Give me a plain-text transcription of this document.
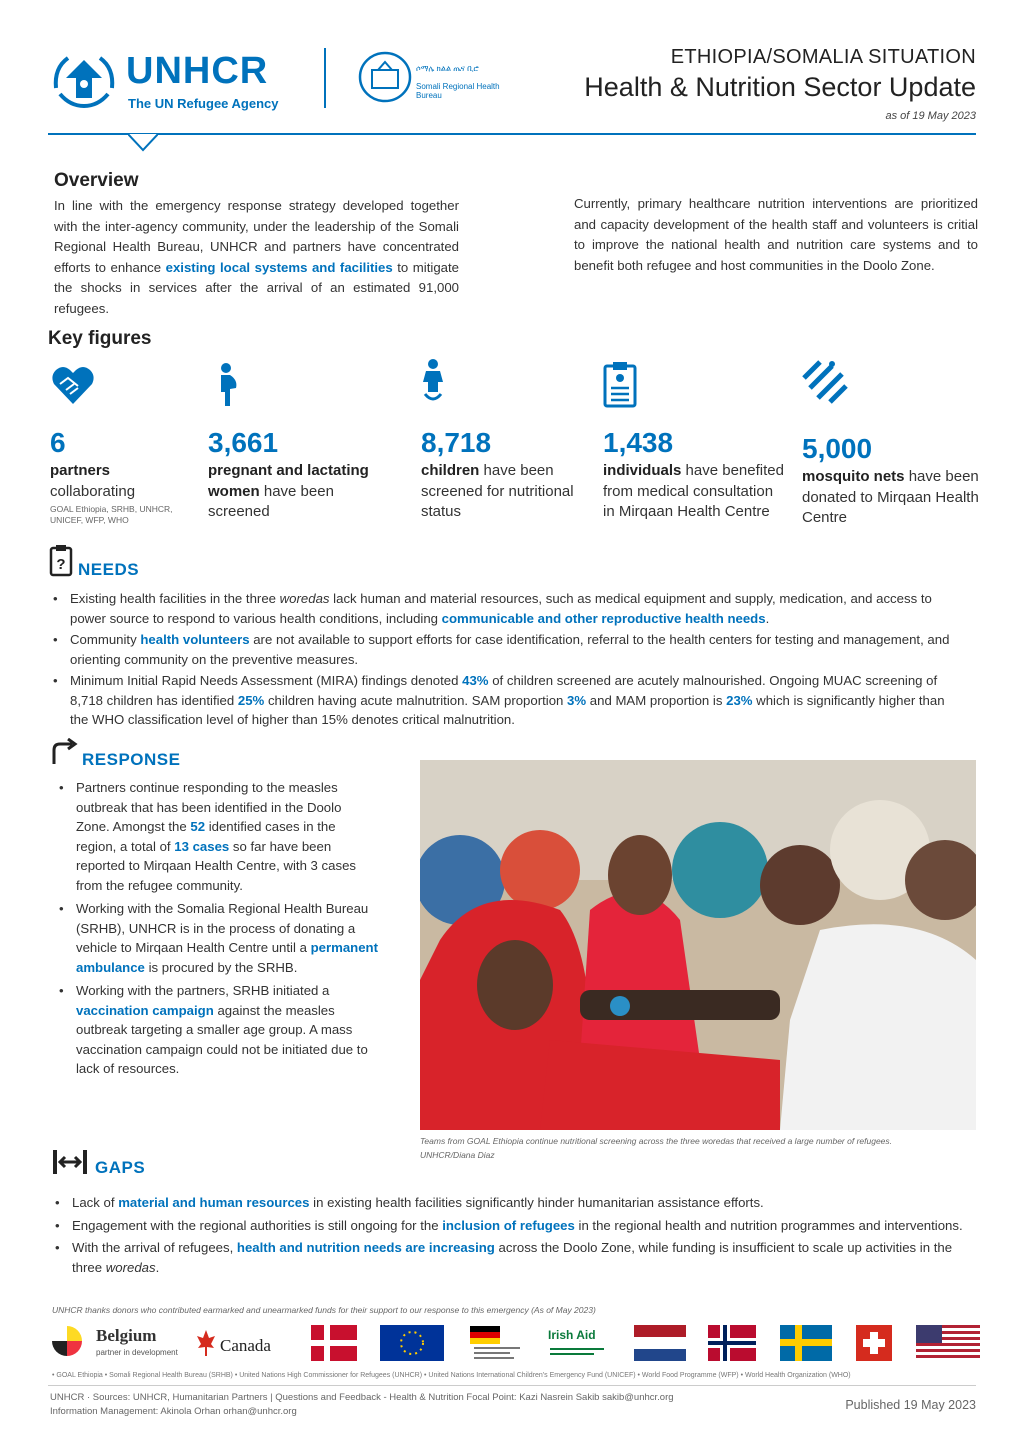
UNHCR
The UN Refugee Agency
ሶማሌ ክልል ጤና ቢሮ
Somali Regional Health Bureau
ETHIOPIA/SOMALIA SITUATION
Health & Nutrition Sector Update
as of 19 May 2023
Overview
In line with the emergency response strategy developed together with the inter-agency community, under the leadership of the Somali Regional Health Bureau, UNHCR and partners have concentrated efforts to enhance existing local systems and facilities to mitigate the shocks in services after the arrival of an estimated 91,000 refugees.
Currently, primary healthcare nutrition interventions are prioritized and capacity development of the health staff and volunteers is critial to improve the national health and nutrition care systems and to benefit both refugee and host communities in the Doolo Zone.
Key figures
6
partners
collaborating
GOAL Ethiopia, SRHB, UNHCR, UNICEF, WFP, WHO
3,661
pregnant and lactating women have been screened
8,718
children have been screened for nutritional status
1,438
individuals have benefited from medical consultation in Mirqaan Health Centre
5,000
mosquito nets have been donated to Mirqaan Health Centre
? NEEDS
• Existing health facilities in the three woredas lack human and material resources, such as medical equipment and supply, medication, and access to power source to respond to various health conditions, including communicable and other reproductive health needs.
• Community health volunteers are not available to support efforts for case identification, referral to the health centers for testing and management, and orienting community on the preventive measures.
• Minimum Initial Rapid Needs Assessment (MIRA) findings denoted 43% of children screened are acutely malnourished. Ongoing MUAC screening of 8,718 children has identified 25% children having acute malnutrition. SAM proportion 3% and MAM proportion is 23% which is significantly higher than the WHO classification level of higher than 15% denotes critical malnutrition.
RESPONSE
• Partners continue responding to the measles outbreak that has been identified in the Doolo Zone. Amongst the 52 identified cases in the region, a total of 13 cases so far have been reported to Mirqaan Health Centre, with 3 cases from the refugee community.
• Working with the Somalia Regional Health Bureau (SRHB), UNHCR is in the process of donating a vehicle to Mirqaan Health Centre until a permanent ambulance is procured by the SRHB.
• Working with the partners, SRHB initiated a vaccination campaign against the measles outbreak targeting a smaller age group. A mass vaccination campaign could not be initiated due to lack of resources.
Teams from GOAL Ethiopia continue nutritional screening across the three woredas that received a large number of refugees.
UNHCR/Diana Diaz
GAPS
• Lack of material and human resources in existing health facilities significantly hinder humanitarian assistance efforts.
• Engagement with the regional authorities is still ongoing for the inclusion of refugees in the regional health and nutrition programmes and interventions.
• With the arrival of refugees, health and nutrition needs are increasing across the Doolo Zone, while funding is insufficient to scale up activities in the three woredas.
UNHCR thanks donors who contributed earmarked and unearmarked funds for their support to our response to this emergency (As of May 2023)
Belgium
partner in development Canada
Irish Aid
• GOAL Ethiopia • Somali Regional Health Bureau (SRHB) • United Nations High Commissioner for Refugees (UNHCR) • United Nations International Children's Emergency Fund (UNICEF) • World Food Programme (WFP) • World Health Organization (WHO)
UNHCR · Sources: UNHCR, Humanitarian Partners | Questions and Feedback - Health & Nutrition Focal Point: Kazi Nasrein Sakib sakib@unhcr.org
Information Management: Akinola Orhan orhan@unhcr.org	Published 19 May 2023
